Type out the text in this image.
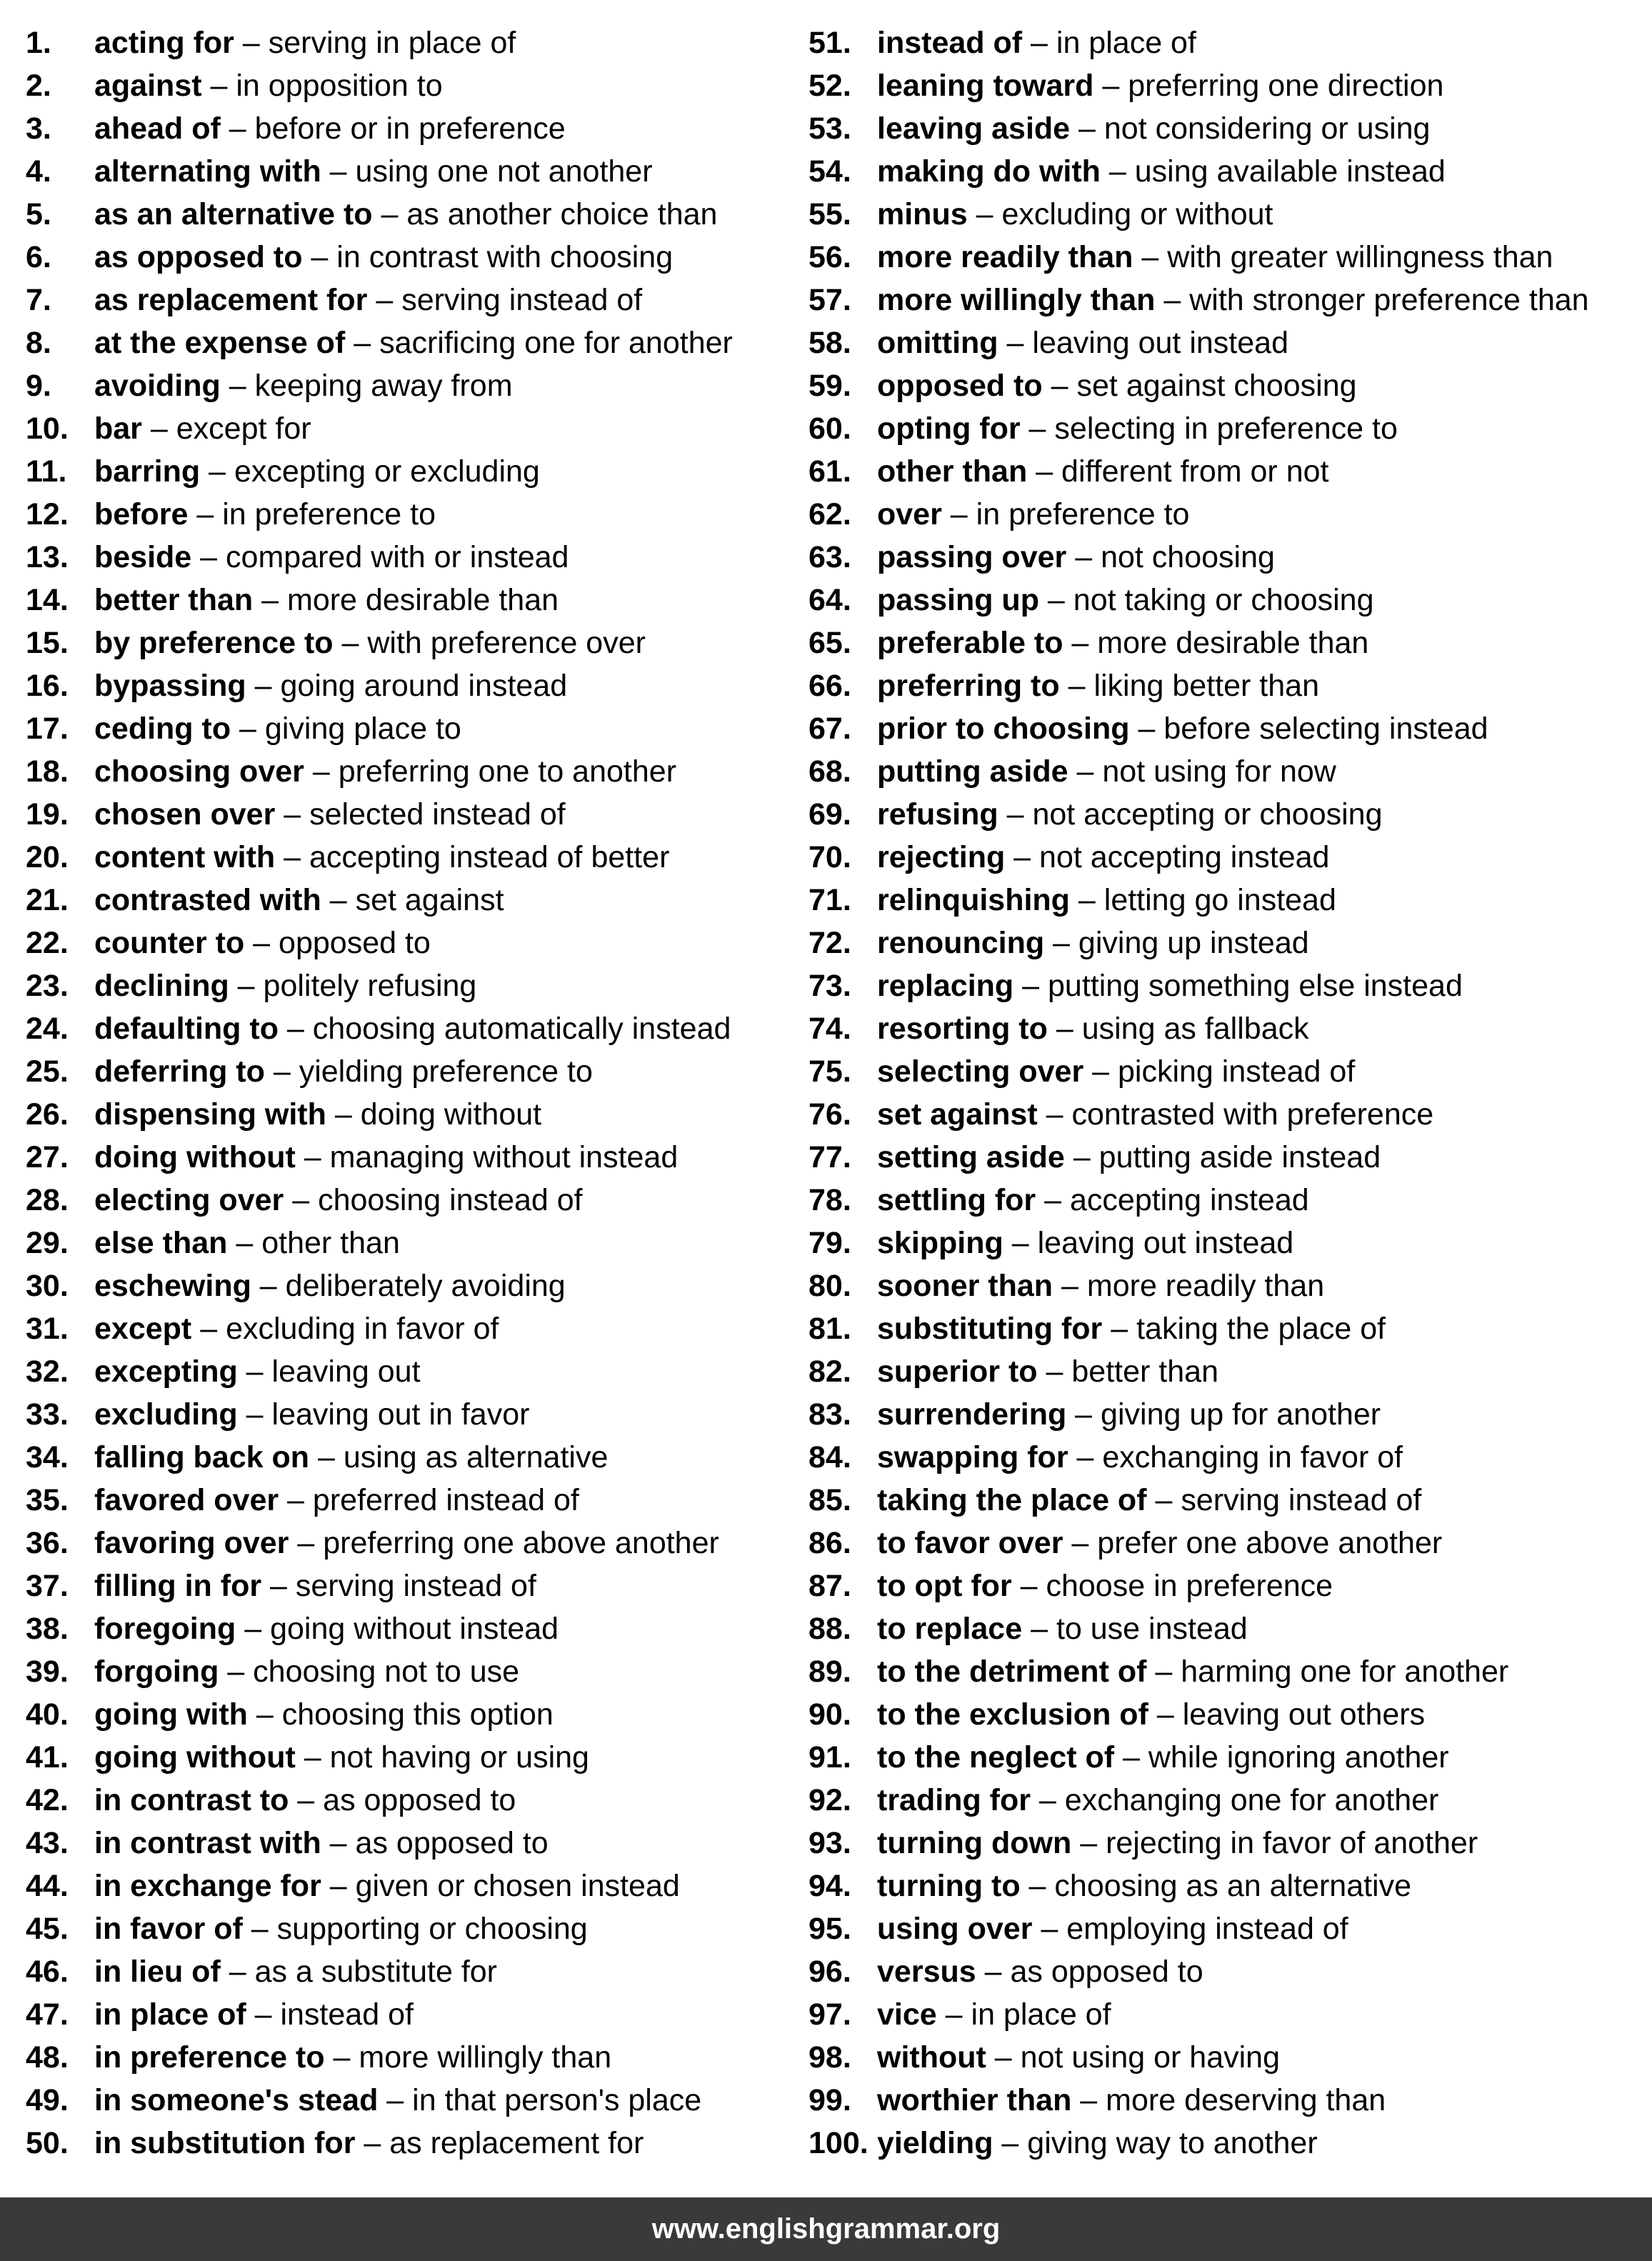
1.	acting for – serving in place of
2.	against – in opposition to
3.	ahead of – before or in preference
4.	alternating with – using one not another
5.	as an alternative to – as another choice than
6.	as opposed to – in contrast with choosing
7.	as replacement for – serving instead of
8.	at the expense of – sacrificing one for another
9.	avoiding – keeping away from
10. bar – except for
11. barring – excepting or excluding
12. before – in preference to
13. beside – compared with or instead
14. better than – more desirable than
15. by preference to – with preference over
16. bypassing – going around instead
17. ceding to – giving place to
18. choosing over – preferring one to another
19. chosen over – selected instead of
20. content with – accepting instead of better
21. contrasted with – set against
22. counter to – opposed to
23. declining – politely refusing
24. defaulting to – choosing automatically instead
25. deferring to – yielding preference to
26. dispensing with – doing without
27. doing without – managing without instead
28. electing over – choosing instead of
29. else than – other than
30. eschewing – deliberately avoiding
31. except – excluding in favor of
32. excepting – leaving out
33. excluding – leaving out in favor
34. falling back on – using as alternative
35. favored over – preferred instead of
36. favoring over – preferring one above another
37. filling in for – serving instead of
38. foregoing – going without instead
39. forgoing – choosing not to use
40. going with – choosing this option
41. going without – not having or using
42. in contrast to – as opposed to
43. in contrast with – as opposed to
44. in exchange for – given or chosen instead
45. in favor of – supporting or choosing
46. in lieu of – as a substitute for
47. in place of – instead of
48. in preference to – more willingly than
49. in someone's stead – in that person's place
50. in substitution for – as replacement for
51. instead of – in place of
52. leaning toward – preferring one direction
53. leaving aside – not considering or using
54. making do with – using available instead
55. minus – excluding or without
56. more readily than – with greater willingness than
57. more willingly than – with stronger preference than
58. omitting – leaving out instead
59. opposed to – set against choosing
60. opting for – selecting in preference to
61. other than – different from or not
62. over – in preference to
63. passing over – not choosing
64. passing up – not taking or choosing
65. preferable to – more desirable than
66. preferring to – liking better than
67. prior to choosing – before selecting instead
68. putting aside – not using for now
69. refusing – not accepting or choosing
70. rejecting – not accepting instead
71. relinquishing – letting go instead
72. renouncing – giving up instead
73. replacing – putting something else instead
74. resorting to – using as fallback
75. selecting over – picking instead of
76. set against – contrasted with preference
77. setting aside – putting aside instead
78. settling for – accepting instead
79. skipping – leaving out instead
80. sooner than – more readily than
81. substituting for – taking the place of
82. superior to – better than
83. surrendering – giving up for another
84. swapping for – exchanging in favor of
85. taking the place of – serving instead of
86. to favor over – prefer one above another
87. to opt for – choose in preference
88. to replace – to use instead
89. to the detriment of – harming one for another
90. to the exclusion of – leaving out others
91. to the neglect of – while ignoring another
92. trading for – exchanging one for another
93. turning down – rejecting in favor of another
94. turning to – choosing as an alternative
95. using over – employing instead of
96. versus – as opposed to
97. vice – in place of
98. without – not using or having
99. worthier than – more deserving than
100. yielding – giving way to another
www.englishgrammar.org
